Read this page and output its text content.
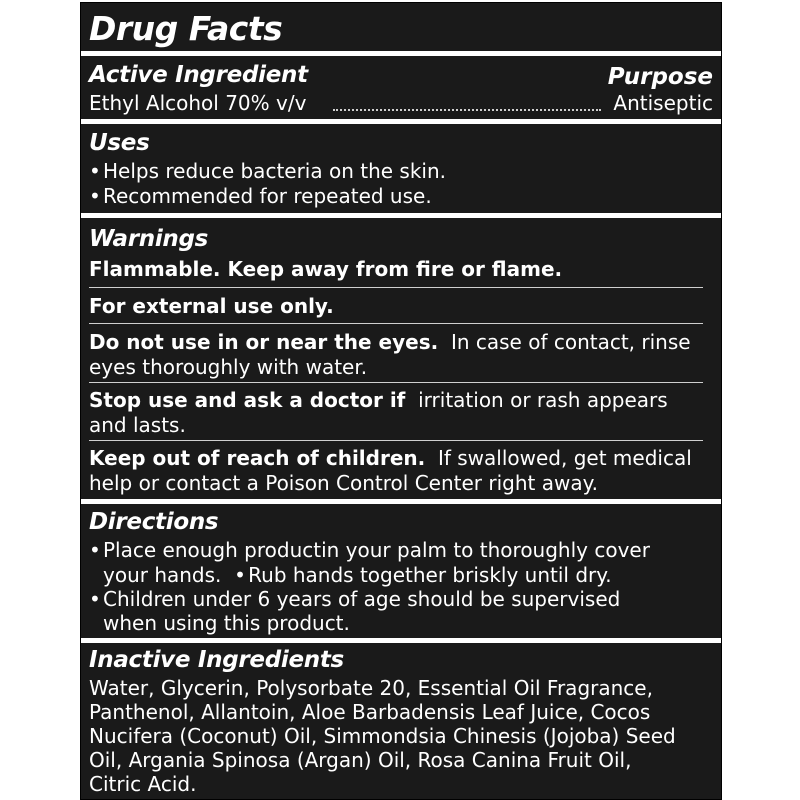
Drug Facts
Active Ingredient	Purpose
Ethyl Alcohol 70% v/v	Antiseptic
Uses
• Helps reduce bacteria on the skin.
• Recommended for repeated use.
Warnings
Flammable. Keep away from fire or flame.
For external use only.
Do not use in or near the eyes. In case of contact, rinse
eyes thoroughly with water.
Stop use and ask a doctor if irritation or rash appears
and lasts.
Keep out of reach of children. If swallowed, get medical
help or contact a Poison Control Center right away.
Directions
• Place enough productin your palm to thoroughly cover
your hands. • Rub hands together briskly until dry.
• Children under 6 years of age should be supervised
when using this product.
Inactive Ingredients
Water, Glycerin, Polysorbate 20, Essential Oil Fragrance,
Panthenol, Allantoin, Aloe Barbadensis Leaf Juice, Cocos
Nucifera (Coconut) Oil, Simmondsia Chinesis (Jojoba) Seed
Oil, Argania Spinosa (Argan) Oil, Rosa Canina Fruit Oil,
Citric Acid.
